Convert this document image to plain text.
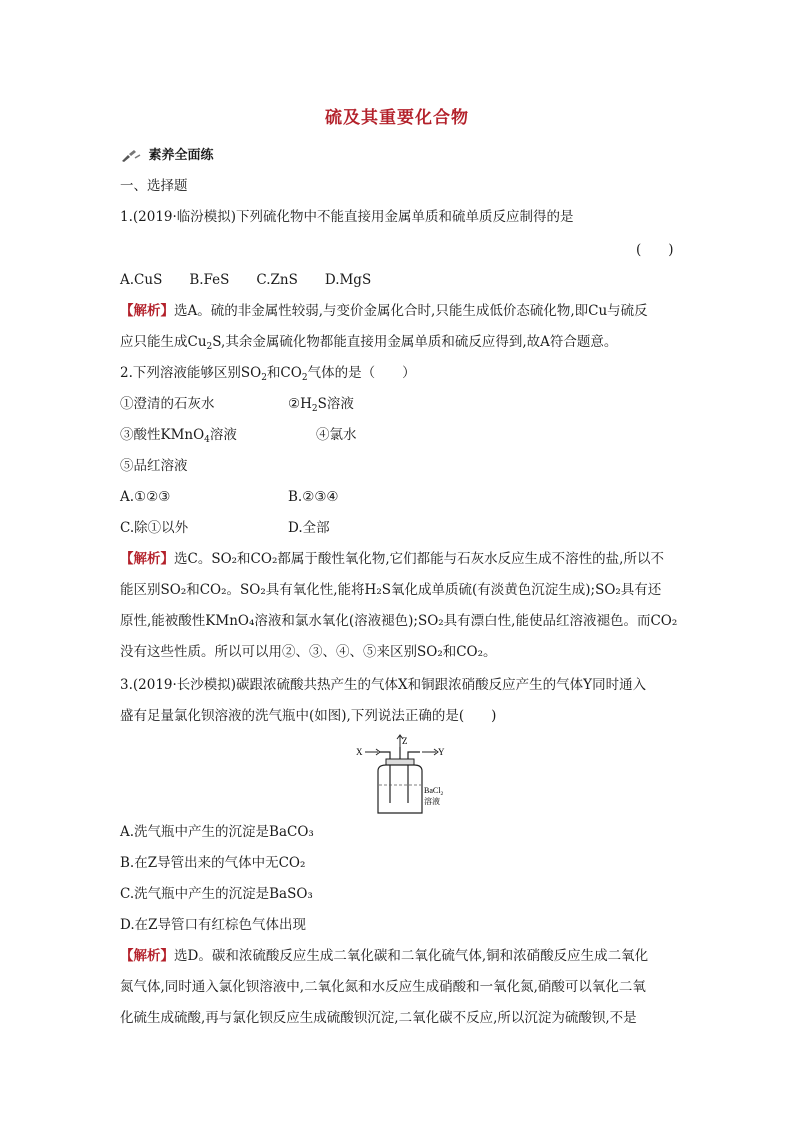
硫及其重要化合物
素养全面练
一、选择题
1.(2019·临汾模拟)下列硫化物中不能直接用金属单质和硫单质反应制得的是
(　　)
A.CuS　　B.FeS　　C.ZnS　　D.MgS
【解析】选A。硫的非金属性较弱,与变价金属化合时,只能生成低价态硫化物,即Cu与硫反
应只能生成$Cu_2S$,其余金属硫化物都能直接用金属单质和硫反应得到,故A符合题意。
2.下列溶液能够区别$SO_2$和$CO_2$气体的是（　　）
①澄清的石灰水	$②H_2S$溶液
③酸性KMnO$_4$溶液	④氯水
⑤品红溶液
A.①②③	B.②③④
C.除①以外	D.全部
【解析】选C。SO₂和CO₂都属于酸性氧化物,它们都能与石灰水反应生成不溶性的盐,所以不
能区别SO₂和CO₂。SO₂具有氧化性,能将H₂S氧化成单质硫(有淡黄色沉淀生成);SO₂具有还
原性,能被酸性KMnO₄溶液和氯水氧化(溶液褪色);SO₂具有漂白性,能使品红溶液褪色。而CO₂
没有这些性质。所以可以用②、③、④、⑤来区别SO₂和CO₂。
3.(2019·长沙模拟)碳跟浓硫酸共热产生的气体X和铜跟浓硝酸反应产生的气体Y同时通入
盛有足量氯化钡溶液的洗气瓶中(如图),下列说法正确的是(　　)
X
Z
Y
BaCl$_2$
溶液
A.洗气瓶中产生的沉淀是BaCO₃
B.在Z导管出来的气体中无CO₂
C.洗气瓶中产生的沉淀是BaSO₃
D.在Z导管口有红棕色气体出现
【解析】选D。碳和浓硫酸反应生成二氧化碳和二氧化硫气体,铜和浓硝酸反应生成二氧化
氮气体,同时通入氯化钡溶液中,二氧化氮和水反应生成硝酸和一氧化氮,硝酸可以氧化二氧
化硫生成硫酸,再与氯化钡反应生成硫酸钡沉淀,二氧化碳不反应,所以沉淀为硫酸钡,不是
